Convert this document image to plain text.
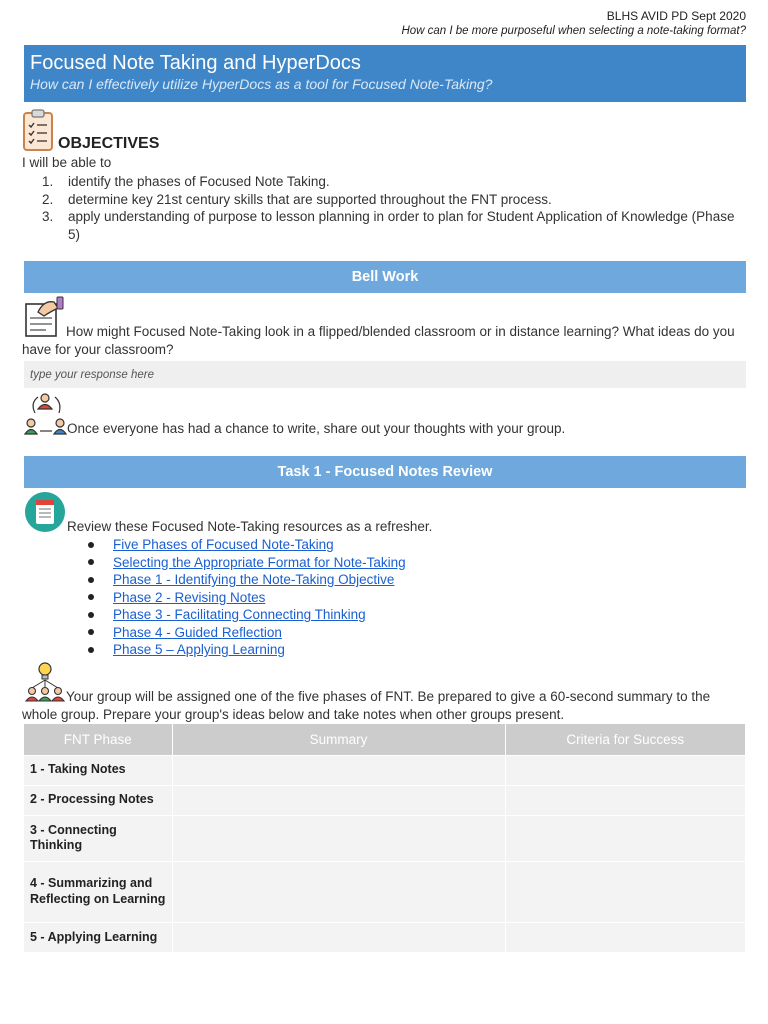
BLHS AVID PD Sept 2020
How can I be more purposeful when selecting a note-taking format?
Focused Note Taking and HyperDocs
How can I effectively utilize HyperDocs as a tool for Focused Note-Taking?
OBJECTIVES
I will be able to
1.	identify the phases of Focused Note Taking.
2.	determine key 21st century skills that are supported throughout the FNT process.
3.	apply understanding of purpose to lesson planning in order to plan for Student Application of Knowledge (Phase 5)
Bell Work
How might Focused Note-Taking look in a flipped/blended classroom or in distance learning? What ideas do you have for your classroom?
type your response here
Once everyone has had a chance to write, share out your thoughts with your group.
Task 1 - Focused Notes Review
Review these Focused Note-Taking resources as a refresher.
Five Phases of Focused Note-Taking
Selecting the Appropriate Format for Note-Taking
Phase 1 - Identifying the Note-Taking Objective
Phase 2 - Revising Notes
Phase 3 - Facilitating Connecting Thinking
Phase 4 - Guided Reflection
Phase 5 – Applying Learning
Your group will be assigned one of the five phases of FNT. Be prepared to give a 60-second summary to the whole group. Prepare your group's ideas below and take notes when other groups present.
FNT Phase	Summary	Criteria for Success
1 - Taking Notes		
2 - Processing Notes		
3 - Connecting Thinking		
4 - Summarizing and Reflecting on Learning		
5 - Applying Learning		
